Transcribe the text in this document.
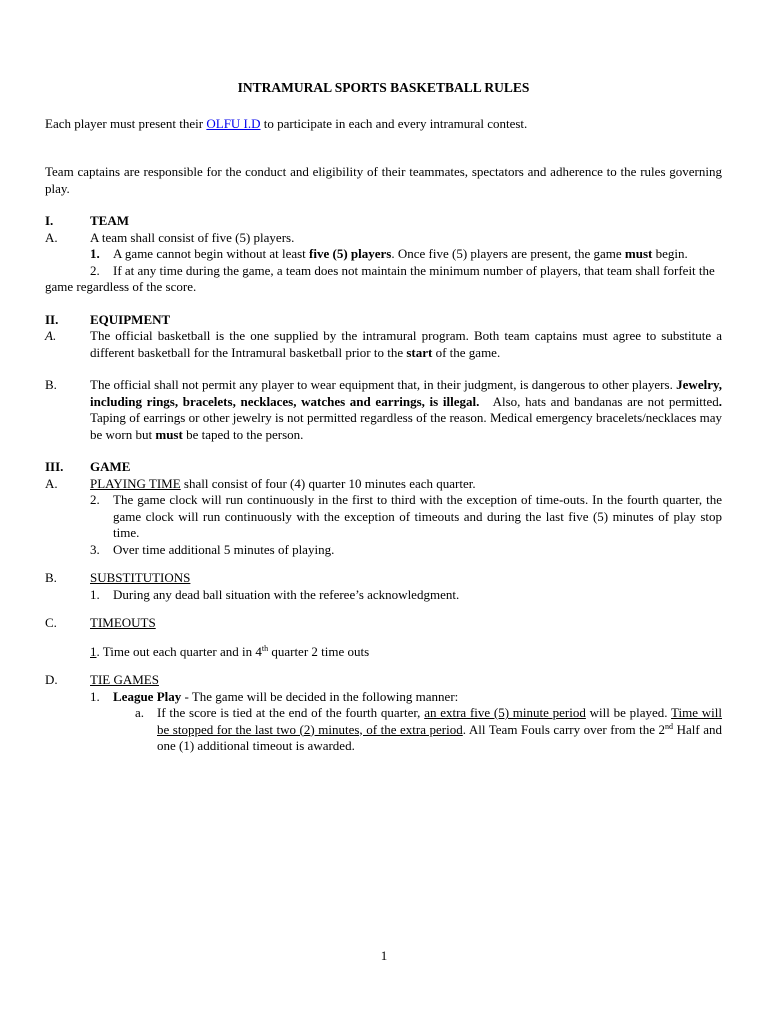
INTRAMURAL SPORTS BASKETBALL RULES

Each player must present their OLFU I.D to participate in each and every intramural contest.

Team captains are responsible for the conduct and eligibility of their teammates, spectators and adherence to the rules governing play.

I.	TEAM
A.	A team shall consist of five (5) players.
1.	A game cannot begin without at least five (5) players. Once five (5) players are present, the game must begin.

2. If at any time during the game, a team does not maintain the minimum number of players, that team shall forfeit the game regardless of the score.

II.	EQUIPMENT
A.	The official basketball is the one supplied by the intramural program. Both team captains must agree to substitute a different basketball for the Intramural basketball prior to the start of the game.
B.	The official shall not permit any player to wear equipment that, in their judgment, is dangerous to other players. Jewelry, including rings, bracelets, necklaces, watches and earrings, is illegal.   Also, hats and bandanas are not permitted. Taping of earrings or other jewelry is not permitted regardless of the reason. Medical emergency bracelets/necklaces may be worn but must be taped to the person.
III.	GAME
A.	PLAYING TIME shall consist of four (4) quarter 10 minutes each quarter.
2.	The game clock will run continuously in the first to third with the exception of time-outs. In the fourth quarter, the game clock will run continuously with the exception of timeouts and during the last five (5) minutes of play stop time.
3.	Over time additional 5 minutes of playing.
B.	SUBSTITUTIONS
1.	During any dead ball situation with the referee’s acknowledgment.
C.	TIMEOUTS
1. Time out each quarter and in 4th quarter 2 time outs
D.	TIE GAMES
1.	League Play - The game will be decided in the following manner:
a. If the score is tied at the end of the fourth quarter, an extra five (5) minute period will be played. Time will be stopped for the last two (2) minutes, of the extra period. All Team Fouls carry over from the 2nd Half and one (1) additional timeout is awarded.
1
